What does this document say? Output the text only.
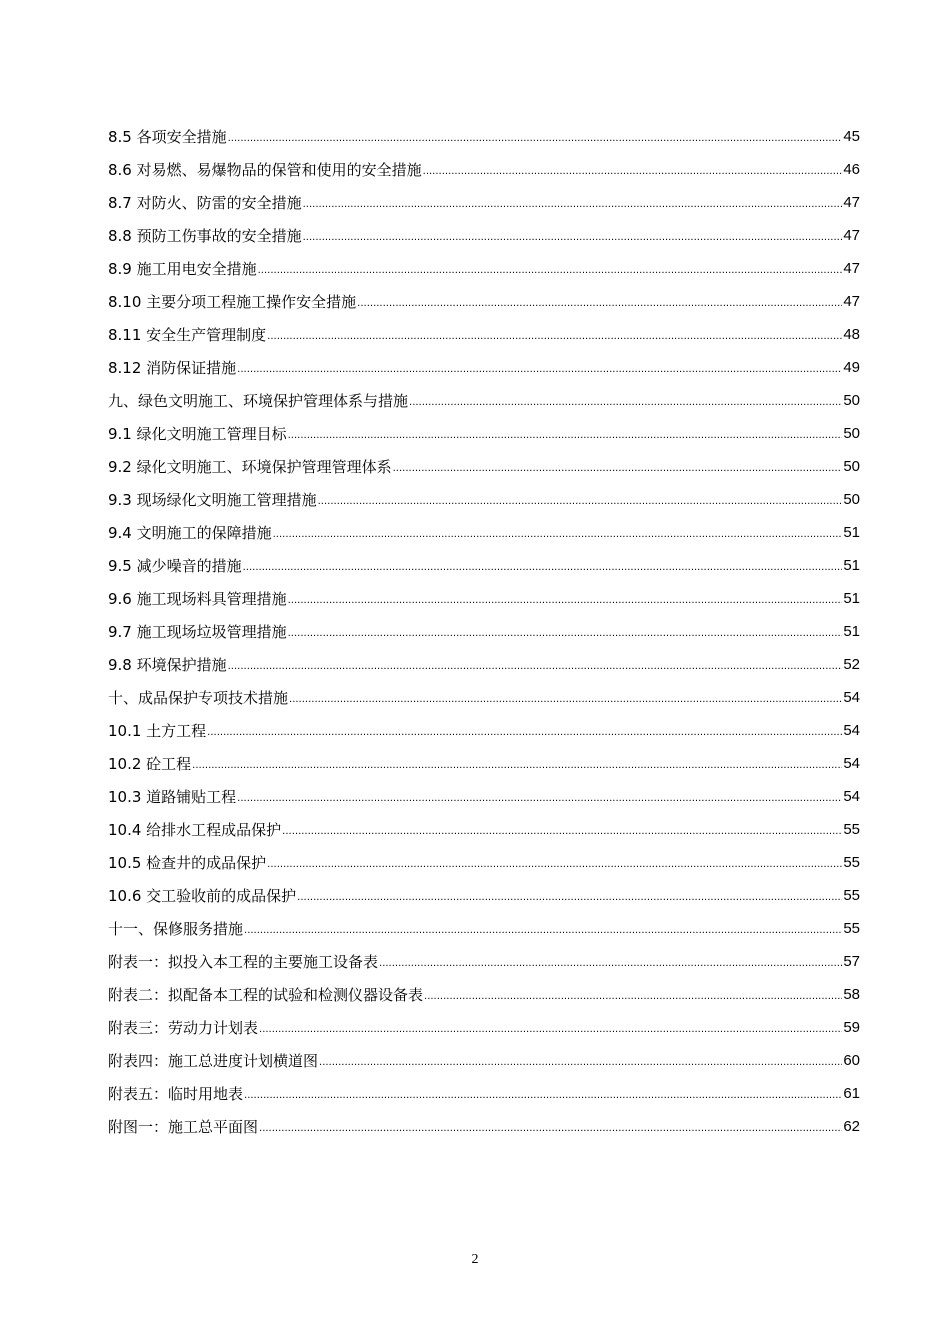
8.5 各项安全措施 .....	45
8.6 对易燃、易爆物品的保管和使用的安全措施 .....	46
8.7 对防火、防雷的安全措施 .....	47
8.8 预防工伤事故的安全措施 .....	47
8.9 施工用电安全措施 .....	47
8.10 主要分项工程施工操作安全措施 .....	47
8.11 安全生产管理制度 .....	48
8.12 消防保证措施 .....	49
九、绿色文明施工、环境保护管理体系与措施 .....	50
9.1 绿化文明施工管理目标 .....	50
9.2 绿化文明施工、环境保护管理管理体系 .....	50
9.3 现场绿化文明施工管理措施 .....	50
9.4 文明施工的保障措施 .....	51
9.5 减少噪音的措施 .....	51
9.6 施工现场料具管理措施 .....	51
9.7 施工现场垃圾管理措施 .....	51
9.8 环境保护措施 .....	52
十、成品保护专项技术措施 .....	54
10.1 土方工程 .....	54
10.2 砼工程 .....	54
10.3 道路铺贴工程 .....	54
10.4 给排水工程成品保护 .....	55
10.5 检查井的成品保护 .....	55
10.6 交工验收前的成品保护 .....	55
十一、保修服务措施 .....	55
附表一：拟投入本工程的主要施工设备表 .....	57
附表二：拟配备本工程的试验和检测仪器设备表 .....	58
附表三：劳动力计划表 .....	59
附表四：施工总进度计划横道图 .....	60
附表五：临时用地表 .....	61
附图一：施工总平面图 .....	62
2
